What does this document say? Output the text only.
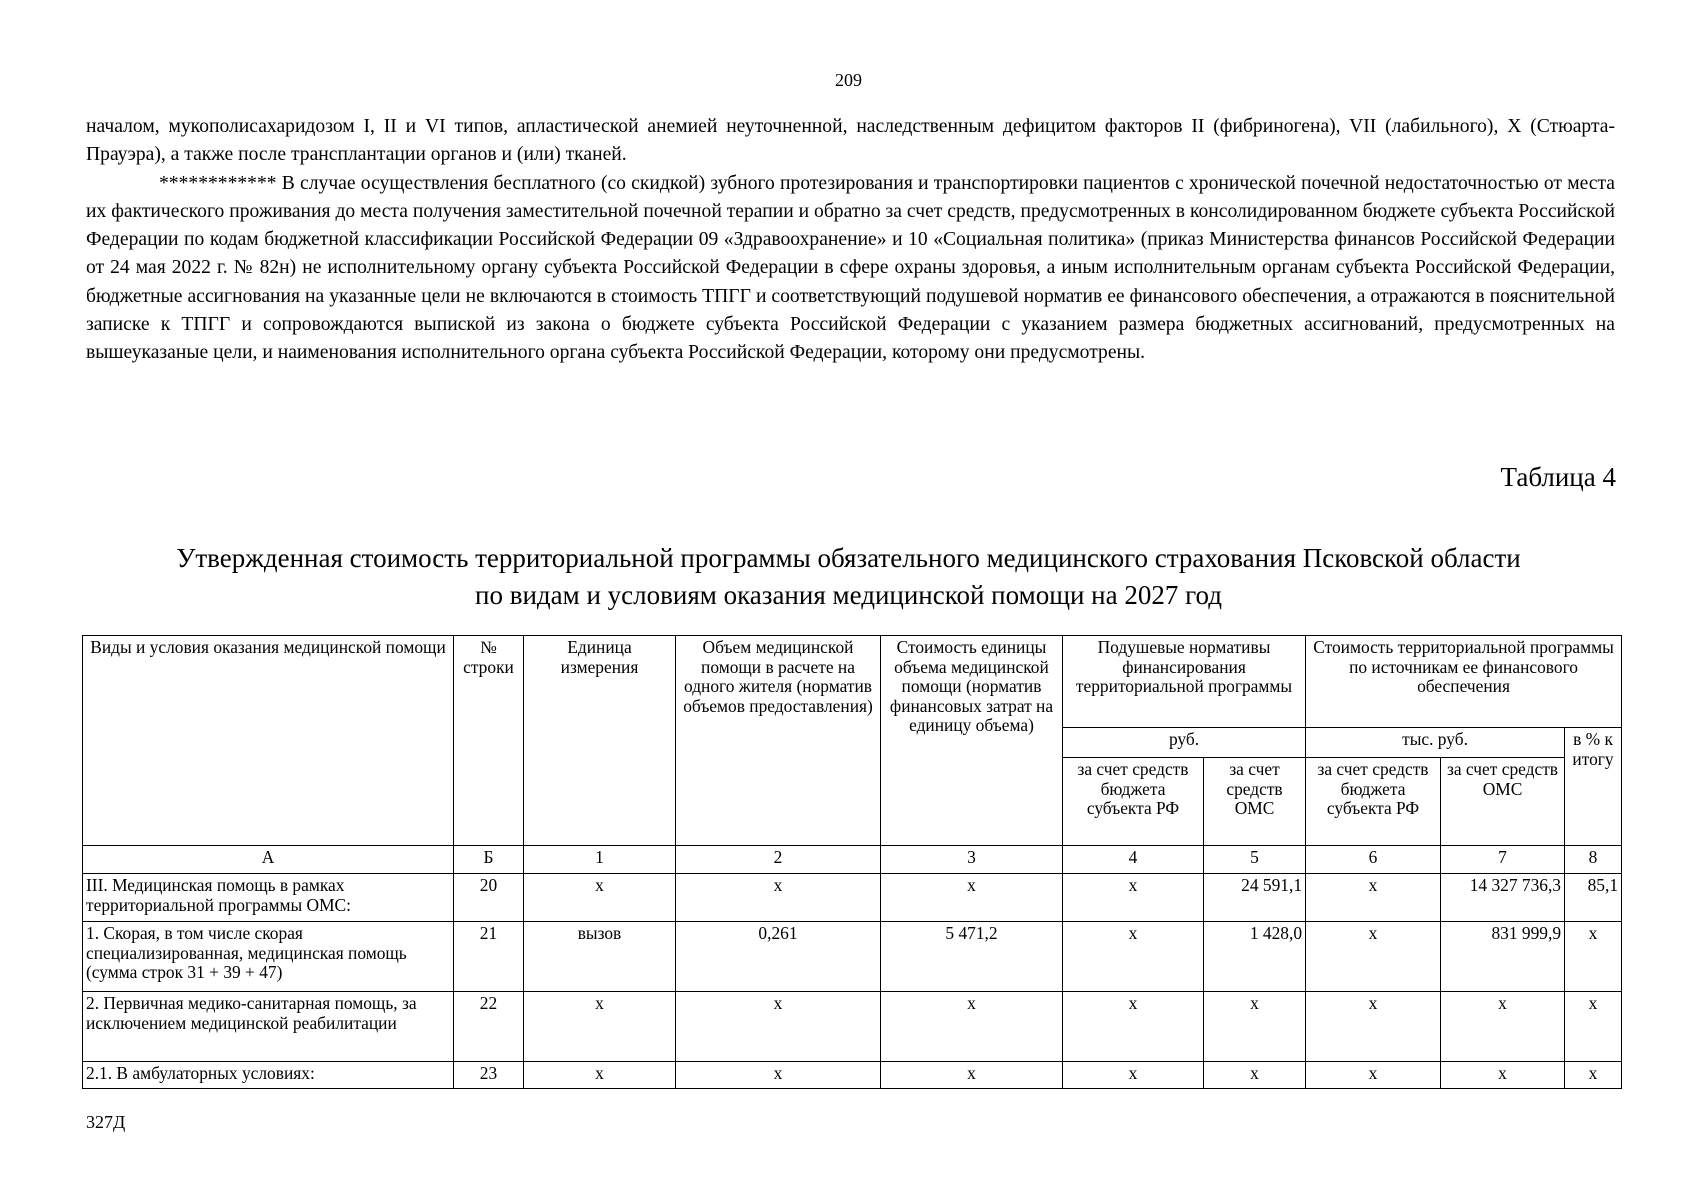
209

началом, мукополисахаридозом I, II и VI типов, апластической анемией неуточненной, наследственным дефицитом факторов II (фибриногена), VII (лабильного), X (Стюарта-Прауэра), а также после трансплантации органов и (или) тканей.

************ В случае осуществления бесплатного (со скидкой) зубного протезирования и транспортировки пациентов с хронической почечной недостаточностью от места их фактического проживания до места получения заместительной почечной терапии и обратно за счет средств, предусмотренных в консолидированном бюджете субъекта Российской Федерации по кодам бюджетной классификации Российской Федерации 09 «Здравоохранение» и 10 «Социальная политика» (приказ Министерства финансов Российской Федерации от 24 мая 2022 г. № 82н) не исполнительному органу субъекта Российской Федерации в сфере охраны здоровья, а иным исполнительным органам субъекта Российской Федерации, бюджетные ассигнования на указанные цели не включаются в стоимость ТПГГ и соответствующий подушевой норматив ее финансового обеспечения, а отражаются в пояснительной записке к ТПГГ и сопровождаются выпиской из закона о бюджете субъекта Российской Федерации с указанием размера бюджетных ассигнований, предусмотренных на вышеуказаные цели, и наименования исполнительного органа субъекта Российской Федерации, которому они предусмотрены.

Таблица 4
Утвержденная стоимость территориальной программы обязательного медицинского страхования Псковской области
по видам и условиям оказания медицинской помощи на 2027 год
Виды и условия оказания медицинской помощи	№ строки	Единица измерения	Объем медицинской помощи в расчете на одного жителя (норматив объемов предоставления)	Стоимость единицы объема медицинской помощи (норматив финансовых затрат на единицу объема)	Подушевые нормативы финансирования территориальной программы		Стоимость территориальной программы по источникам ее финансового обеспечения		
					руб.		тыс. руб.		в % к итогу
					за счет средств бюджета субъекта РФ	за счет средств ОМС	за счет средств бюджета субъекта РФ	за счет средств ОМС	
А	Б	1	2	3	4	5	6	7	8
III. Медицинская помощь в рамках территориальной программы ОМС:	20	х	х	х	х	24 591,1	х	14 327 736,3	85,1
1. Скорая, в том числе скорая специализированная, медицинская помощь (сумма строк 31 + 39 + 47)	21	вызов	0,261	5 471,2	х	1 428,0	х	831 999,9	х
2. Первичная медико-санитарная помощь, за исключением медицинской реабилитации	22	х	х	х	х	х	х	х	х
2.1. В амбулаторных условиях:	23	х	х	х	х	х	х	х	х
327Д
